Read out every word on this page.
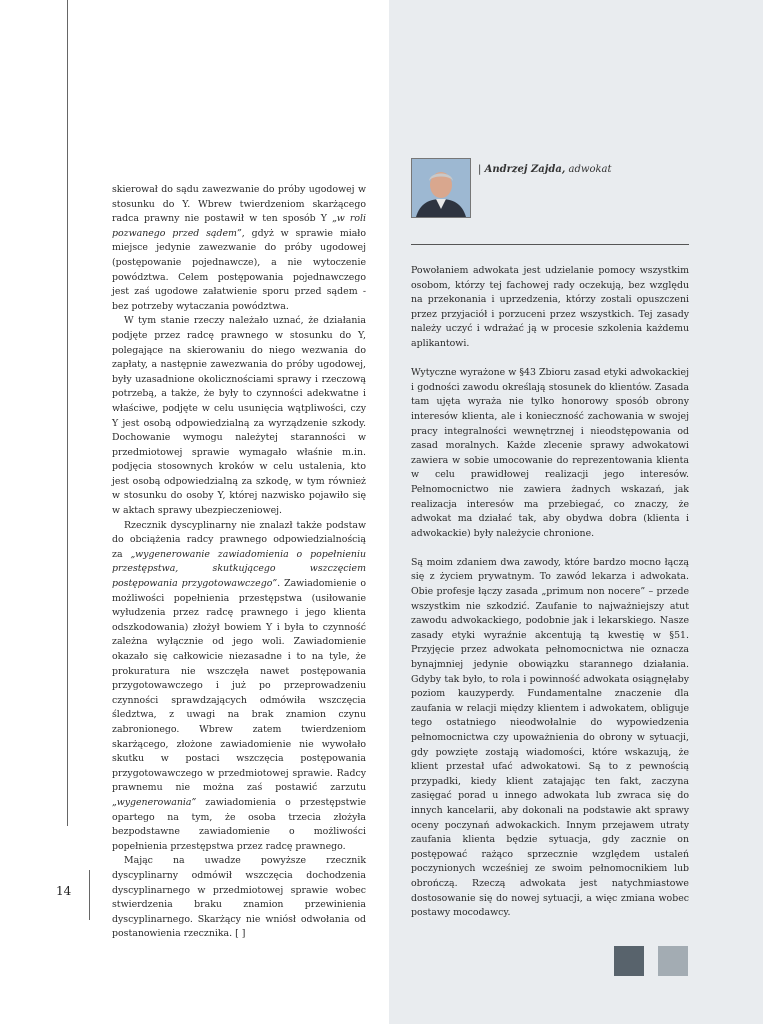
14

skierował do sądu zawezwanie do próby ugodowej w stosunku do Y. Wbrew twierdzeniom skarżącego radca prawny nie postawił w ten sposób Y „w roli pozwanego przed sądem”, gdyż w sprawie miało miejsce jedynie zawezwanie do próby ugodowej (postępowanie pojednawcze), a nie wytoczenie powództwa. Celem postępowania pojednawczego jest zaś ugodowe załatwienie sporu przed sądem - bez potrzeby wytaczania powództwa.

W tym stanie rzeczy należało uznać, że działania podjęte przez radcę prawnego w stosunku do Y, polegające na skierowaniu do niego wezwania do zapłaty, a następnie zawezwania do próby ugodowej, były uzasadnione okolicznościami sprawy i rzeczową potrzebą, a także, że były to czynności adekwatne i właściwe, podjęte w celu usunięcia wątpliwości, czy Y jest osobą odpowiedzialną za wyrządzenie szkody. Dochowanie wymogu należytej staranności w przedmiotowej sprawie wymagało właśnie m.in. podjęcia stosownych kroków w celu ustalenia, kto jest osobą odpowiedzialną za szkodę, w tym również w stosunku do osoby Y, której nazwisko pojawiło się w aktach sprawy ubezpieczeniowej.

Rzecznik dyscyplinarny nie znalazł także podstaw do obciążenia radcy prawnego odpowiedzialnością za „wygenerowanie zawiadomienia o popełnieniu przestępstwa, skutkującego wszczęciem postępowania przygotowawczego”. Zawiadomienie o możliwości popełnienia przestępstwa (usiłowanie wyłudzenia przez radcę prawnego i jego klienta odszkodowania) złożył bowiem Y i była to czynność zależna wyłącznie od jego woli. Zawiadomienie okazało się całkowicie niezasadne i to na tyle, że prokuratura nie wszczęła nawet postępowania przygotowawczego i już po przeprowadzeniu czynności sprawdzających odmówiła wszczęcia śledztwa, z uwagi na brak znamion czynu zabronionego. Wbrew zatem twierdzeniom skarżącego, złożone zawiadomienie nie wywołało skutku w postaci wszczęcia postępowania przygotowawczego w przedmiotowej sprawie. Radcy prawnemu nie można zaś postawić zarzutu „wygenerowania” zawiadomienia o przestępstwie opartego na tym, że osoba trzecia złożyła bezpodstawne zawiadomienie o możliwości popełnienia przestępstwa przez radcę prawnego.

Mając na uwadze powyższe rzecznik dyscyplinarny odmówił wszczęcia dochodzenia dyscyplinarnego w przedmiotowej sprawie wobec stwierdzenia braku znamion przewinienia dyscyplinarnego. Skarżący nie wniósł odwołania od postanowienia rzecznika. [ ]

| Andrzej Zajda, adwokat

Powołaniem adwokata jest udzielanie pomocy wszystkim osobom, którzy tej fachowej rady oczekują, bez względu na przekonania i uprzedzenia, którzy zostali opuszczeni przez przyjaciół i porzuceni przez wszystkich. Tej zasady należy uczyć i wdrażać ją w procesie szkolenia każdemu aplikantowi.

Wytyczne wyrażone w §43 Zbioru zasad etyki adwokackiej i godności zawodu określają stosunek do klientów. Zasada tam ujęta wyraża nie tylko honorowy sposób obrony interesów klienta, ale i konieczność zachowania w swojej pracy integralności wewnętrznej i nieodstępowania od zasad moralnych. Każde zlecenie sprawy adwokatowi zawiera w sobie umocowanie do reprezentowania klienta w celu prawidłowej realizacji jego interesów. Pełnomocnictwo nie zawiera żadnych wskazań, jak realizacja interesów ma przebiegać, co znaczy, że adwokat ma działać tak, aby obydwa dobra (klienta i adwokackie) były należycie chronione.

Są moim zdaniem dwa zawody, które bardzo mocno łączą się z życiem prywatnym. To zawód lekarza i adwokata. Obie profesje łączy zasada „primum non nocere” – przede wszystkim nie szkodzić. Zaufanie to najważniejszy atut zawodu adwokackiego, podobnie jak i lekarskiego. Nasze zasady etyki wyraźnie akcentują tą kwestię w §51. Przyjęcie przez adwokata pełnomocnictwa nie oznacza bynajmniej jedynie obowiązku starannego działania. Gdyby tak było, to rola i powinność adwokata osiągnęłaby poziom kauzyperdy. Fundamentalne znaczenie dla zaufania w relacji między klientem i adwokatem, obliguje tego ostatniego nieodwołalnie do wypowiedzenia pełnomocnictwa czy upoważnienia do obrony w sytuacji, gdy powzięte zostają wiadomości, które wskazują, że klient przestał ufać adwokatowi. Są to z pewnością przypadki, kiedy klient zatajając ten fakt, zaczyna zasięgać porad u innego adwokata lub zwraca się do innych kancelarii, aby dokonali na podstawie akt sprawy oceny poczynań adwokackich. Innym przejawem utraty zaufania klienta będzie sytuacja, gdy zacznie on postępować rażąco sprzecznie względem ustaleń poczynionych wcześniej ze swoim pełnomocnikiem lub obrończą. Rzeczą adwokata jest natychmiastowe dostosowanie się do nowej sytuacji, a więc zmiana wobec postawy mocodawcy.
